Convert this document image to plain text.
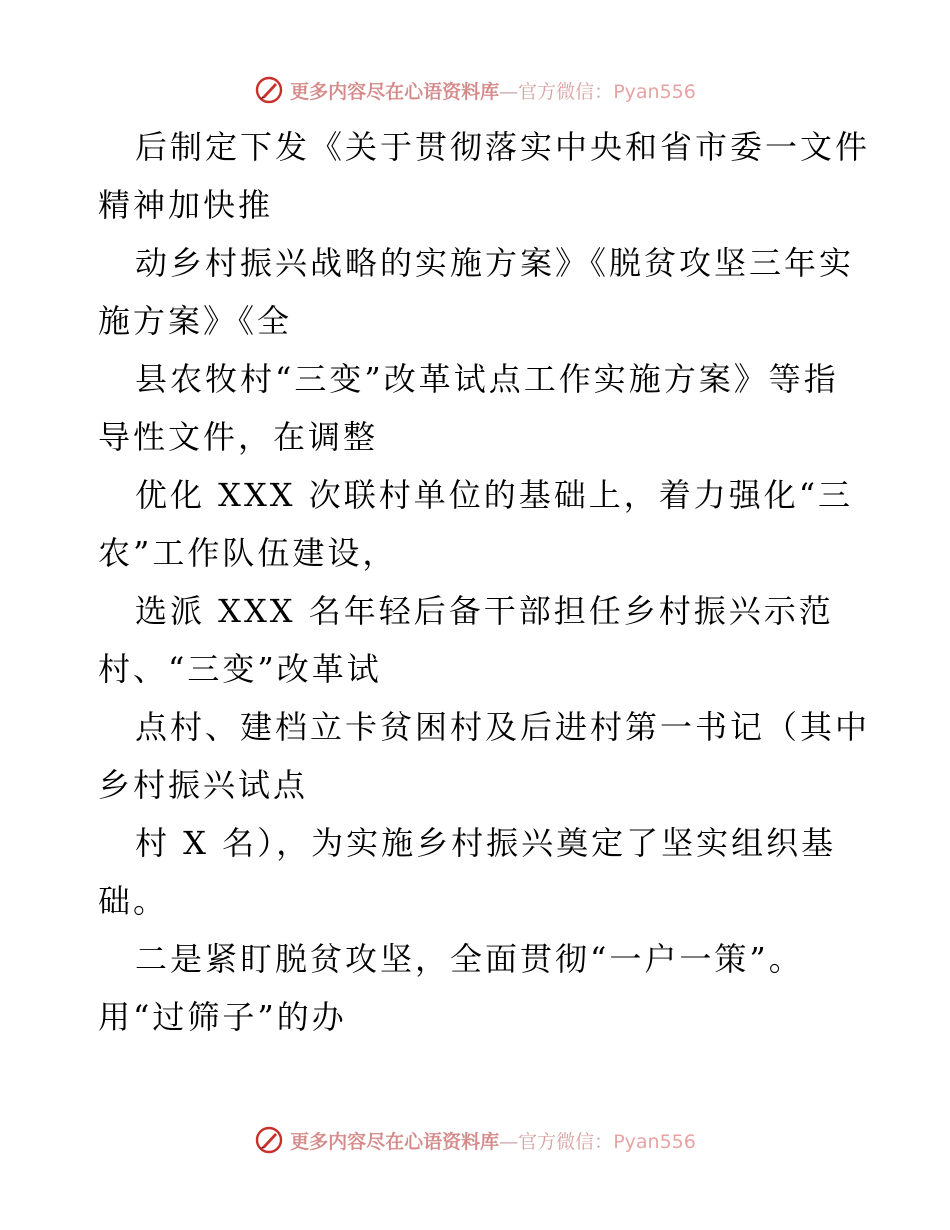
更多内容尽在心语资料库—官方微信：Pyan556
后制定下发《关于贯彻落实中央和省市委一文件
精神加快推
动乡村振兴战略的实施方案》《脱贫攻坚三年实
施方案》《全
县农牧村“三变”改革试点工作实施方案》等指
导性文件，在调整
优化 XXX 次联村单位的基础上，着力强化“三
农”工作队伍建设，
选派 XXX 名年轻后备干部担任乡村振兴示范
村、“三变”改革试
点村、建档立卡贫困村及后进村第一书记（其中
乡村振兴试点
村 X 名），为实施乡村振兴奠定了坚实组织基
础。
二是紧盯脱贫攻坚，全面贯彻“一户一策”。
用“过筛子”的办
更多内容尽在心语资料库—官方微信：Pyan556
